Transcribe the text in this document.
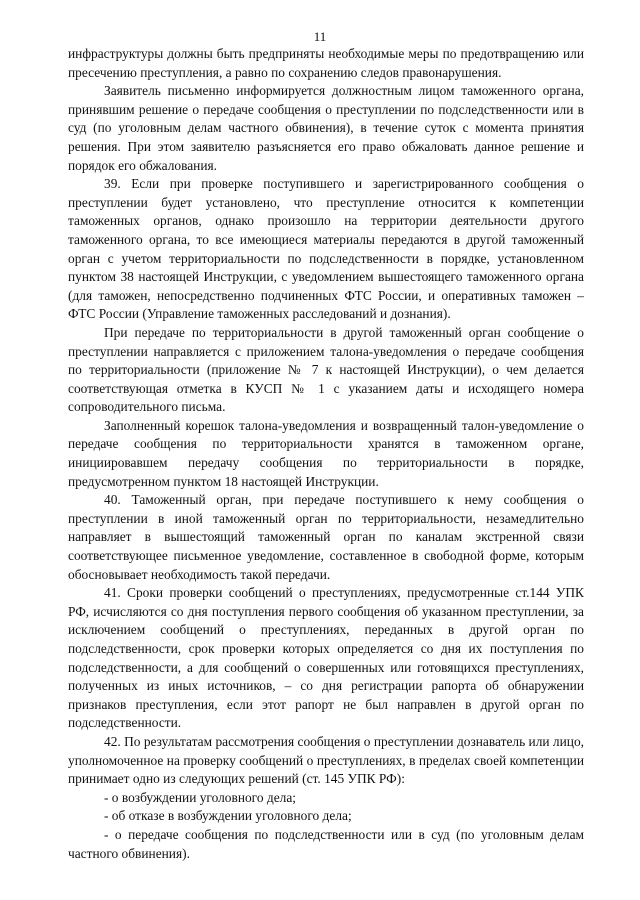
11

инфраструктуры должны быть предприняты необходимые меры по предотвращению или пресечению преступления, а равно по сохранению следов правонарушения.

Заявитель письменно информируется должностным лицом таможенного органа, принявшим решение о передаче сообщения о преступлении по подследственности или в суд (по уголовным делам частного обвинения), в течение суток с момента принятия решения. При этом заявителю разъясняется его право обжаловать данное решение и порядок его обжалования.

39. Если при проверке поступившего и зарегистрированного сообщения о преступлении будет установлено, что преступление относится к компетенции таможенных органов, однако произошло на территории деятельности другого таможенного органа, то все имеющиеся материалы передаются в другой таможенный орган с учетом территориальности по подследственности в порядке, установленном пунктом 38 настоящей Инструкции, с уведомлением вышестоящего таможенного органа (для таможен, непосредственно подчиненных ФТС России, и оперативных таможен – ФТС России (Управление таможенных расследований и дознания).

При передаче по территориальности в другой таможенный орган сообщение о преступлении направляется с приложением талона-уведомления о передаче сообщения по территориальности (приложение № 7 к настоящей Инструкции), о чем делается соответствующая отметка в КУСП № 1 с указанием даты и исходящего номера сопроводительного письма.

Заполненный корешок талона-уведомления и возвращенный талон-уведомление о передаче сообщения по территориальности хранятся в таможенном органе, инициировавшем передачу сообщения по территориальности в порядке, предусмотренном пунктом 18 настоящей Инструкции.

40. Таможенный орган, при передаче поступившего к нему сообщения о преступлении в иной таможенный орган по территориальности, незамедлительно направляет в вышестоящий таможенный орган по каналам экстренной связи соответствующее письменное уведомление, составленное в свободной форме, которым обосновывает необходимость такой передачи.

41. Сроки проверки сообщений о преступлениях, предусмотренные ст.144 УПК РФ, исчисляются со дня поступления первого сообщения об указанном преступлении, за исключением сообщений о преступлениях, переданных в другой орган по подследственности, срок проверки которых определяется со дня их поступления по подследственности, а для сообщений о совершенных или готовящихся преступлениях, полученных из иных источников, – со дня регистрации рапорта об обнаружении признаков преступления, если этот рапорт не был направлен в другой орган по подследственности.

42. По результатам рассмотрения сообщения о преступлении дознаватель или лицо, уполномоченное на проверку сообщений о преступлениях, в пределах своей компетенции принимает одно из следующих решений (ст. 145 УПК РФ):

- о возбуждении уголовного дела;

- об отказе в возбуждении уголовного дела;

- о передаче сообщения по подследственности или в суд (по уголовным делам частного обвинения).
